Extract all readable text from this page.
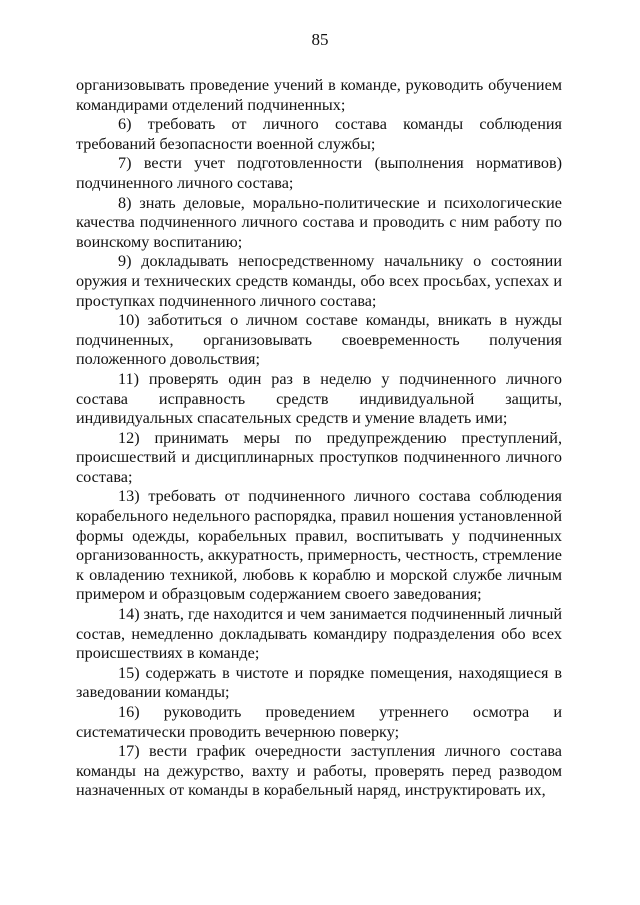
85

организовывать проведение учений в команде, руководить обучением командирами отделений подчиненных;

6) требовать от личного состава команды соблюдения требований безопасности военной службы;

7) вести учет подготовленности (выполнения нормативов) подчиненного личного состава;

8) знать деловые, морально-политические и психологические качества подчиненного личного состава и проводить с ним работу по воинскому воспитанию;

9) докладывать непосредственному начальнику о состоянии оружия и технических средств команды, обо всех просьбах, успехах и проступках подчиненного личного состава;

10) заботиться о личном составе команды, вникать в нужды подчиненных, организовывать своевременность получения положенного довольствия;

11) проверять один раз в неделю у подчиненного личного состава исправность средств индивидуальной защиты, индивидуальных спасательных средств и умение владеть ими;

12) принимать меры по предупреждению преступлений, происшествий и дисциплинарных проступков подчиненного личного состава;

13) требовать от подчиненного личного состава соблюдения корабельного недельного распорядка, правил ношения установленной формы одежды, корабельных правил, воспитывать у подчиненных организованность, аккуратность, примерность, честность, стремление к овладению техникой, любовь к кораблю и морской службе личным примером и образцовым содержанием своего заведования;

14) знать, где находится и чем занимается подчиненный личный состав, немедленно докладывать командиру подразделения обо всех происшествиях в команде;

15) содержать в чистоте и порядке помещения, находящиеся в заведовании команды;

16) руководить проведением утреннего осмотра и систематически проводить вечернюю поверку;

17) вести график очередности заступления личного состава команды на дежурство, вахту и работы, проверять перед разводом назначенных от команды в корабельный наряд, инструктировать их,
